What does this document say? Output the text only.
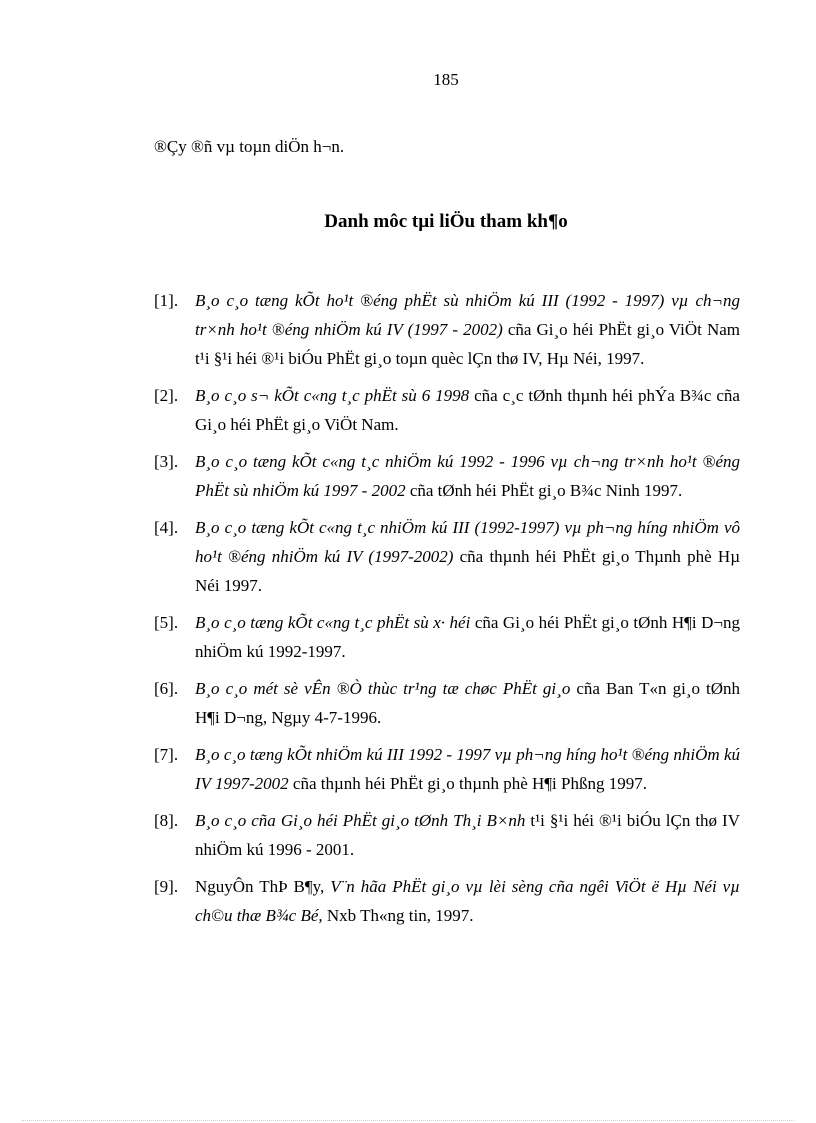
185
®Çy ®ñ vµ toµn diÖn h¬n.
Danh môc tµi liÖu tham kh¶o
[1]. B¸o c¸o tæng kÕt ho¹t ®éng phËt sù nhiÖm kú III (1992 - 1997) vµ ch¬ng tr×nh ho¹t ®éng nhiÖm kú IV (1997 - 2002) cña Gi¸o héi PhËt gi¸o ViÖt Nam t¹i §¹i héi ®¹i biÓu PhËt gi¸o toµn quèc lÇn thø IV, Hµ Néi, 1997.
[2]. B¸o c¸o s¬ kÕt c«ng t¸c phËt sù 6 1998 cña c¸c tØnh thµnh héi phÝa B¾c cña Gi¸o héi PhËt gi¸o ViÖt Nam.
[3]. B¸o c¸o tæng kÕt c«ng t¸c nhiÖm kú 1992 - 1996 vµ ch¬ng tr×nh ho¹t ®éng PhËt sù nhiÖm kú 1997 - 2002 cña tØnh héi PhËt gi¸o B¾c Ninh 1997.
[4]. B¸o c¸o tæng kÕt c«ng t¸c nhiÖm kú III (1992-1997) vµ ph¬ng híng nhiÖm vô ho¹t ®éng nhiÖm kú IV (1997-2002) cña thµnh héi PhËt gi¸o Thµnh phè Hµ Néi 1997.
[5]. B¸o c¸o tæng kÕt c«ng t¸c phËt sù x· héi cña Gi¸o héi PhËt gi¸o tØnh H¶i D¬ng nhiÖm kú 1992-1997.
[6]. B¸o c¸o mét sè vÊn ®Ò thùc tr¹ng tæ chøc PhËt gi¸o cña Ban T«n gi¸o tØnh H¶i D¬ng, Ngµy 4-7-1996.
[7]. B¸o c¸o tæng kÕt nhiÖm kú III 1992 - 1997 vµ ph¬ng híng ho¹t ®éng nhiÖm kú IV 1997-2002 cña thµnh héi PhËt gi¸o thµnh phè H¶i Phßng 1997.
[8]. B¸o c¸o cña Gi¸o héi PhËt gi¸o tØnh Th¸i B×nh t¹i §¹i héi ®¹i biÓu lÇn thø IV nhiÖm kú 1996 - 2001.
[9]. NguyÔn ThÞ B¶y, V¨n hãa PhËt gi¸o vµ lèi sèng cña ngêi ViÖt ë Hµ Néi vµ ch©u thæ B¾c Bé, Nxb Th«ng tin, 1997.
